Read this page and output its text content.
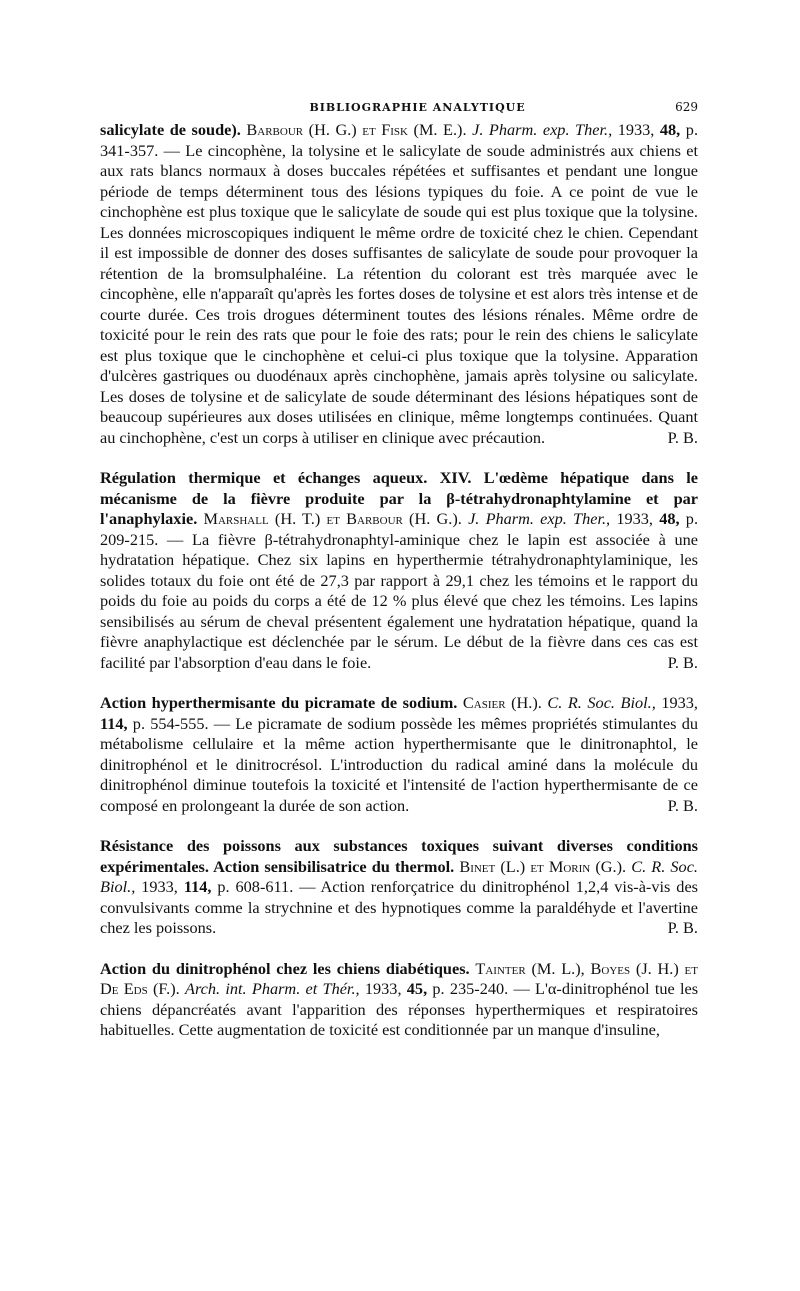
BIBLIOGRAPHIE ANALYTIQUE	629
salicylate de soude). Barbour (H. G.) et Fisk (M. E.). J. Pharm. exp. Ther., 1933, 48, p. 341-357. — Le cincophène, la tolysine et le salicylate de soude administrés aux chiens et aux rats blancs normaux à doses buccales répétées et suffisantes et pendant une longue période de temps déterminent tous des lésions typiques du foie. A ce point de vue le cinchophène est plus toxique que le salicylate de soude qui est plus toxique que la tolysine. Les données microscopiques indiquent le même ordre de toxicité chez le chien. Cependant il est impossible de donner des doses suffisantes de salicylate de soude pour provoquer la rétention de la bromsulphaléine. La rétention du colorant est très marquée avec le cincophène, elle n'apparaît qu'après les fortes doses de tolysine et est alors très intense et de courte durée. Ces trois drogues déterminent toutes des lésions rénales. Même ordre de toxicité pour le rein des rats que pour le foie des rats; pour le rein des chiens le salicylate est plus toxique que le cinchophène et celui-ci plus toxique que la tolysine. Apparation d'ulcères gastriques ou duodénaux après cinchophène, jamais après tolysine ou salicylate. Les doses de tolysine et de salicylate de soude déterminant des lésions hépatiques sont de beaucoup supérieures aux doses utilisées en clinique, même longtemps continuées. Quant au cinchophène, c'est un corps à utiliser en clinique avec précaution.	P. B.
Régulation thermique et échanges aqueux. XIV. L'œdème hépatique dans le mécanisme de la fièvre produite par la β-tétrahydronaphtylamine et par l'anaphylaxie. Marshall (H. T.) et Barbour (H. G.). J. Pharm. exp. Ther., 1933, 48, p. 209-215. — La fièvre β-tétrahydronaphtyl-aminique chez le lapin est associée à une hydratation hépatique. Chez six lapins en hyperthermie tétrahydronaphtylaminique, les solides totaux du foie ont été de 27,3 par rapport à 29,1 chez les témoins et le rapport du poids du foie au poids du corps a été de 12 % plus élevé que chez les témoins. Les lapins sensibilisés au sérum de cheval présentent également une hydratation hépatique, quand la fièvre anaphylactique est déclenchée par le sérum. Le début de la fièvre dans ces cas est facilité par l'absorption d'eau dans le foie.	P. B.
Action hyperthermisante du picramate de sodium. Casier (H.). C. R. Soc. Biol., 1933, 114, p. 554-555. — Le picramate de sodium possède les mêmes propriétés stimulantes du métabolisme cellulaire et la même action hyperthermisante que le dinitronaphtol, le dinitrophénol et le dinitrocrésol. L'introduction du radical aminé dans la molécule du dinitrophénol diminue toutefois la toxicité et l'intensité de l'action hyperthermisante de ce composé en prolongeant la durée de son action.	P. B.
Résistance des poissons aux substances toxiques suivant diverses conditions expérimentales. Action sensibilisatrice du thermol. Binet (L.) et Morin (G.). C. R. Soc. Biol., 1933, 114, p. 608-611. — Action renforçatrice du dinitrophénol 1,2,4 vis-à-vis des convulsivants comme la strychnine et des hypnotiques comme la paraldéhyde et l'avertine chez les poissons.	P. B.
Action du dinitrophénol chez les chiens diabétiques. Tainter (M. L.), Boyes (J. H.) et De Eds (F.). Arch. int. Pharm. et Thér., 1933, 45, p. 235-240. — L'α-dinitrophénol tue les chiens dépancréatés avant l'apparition des réponses hyperthermiques et respiratoires habituelles. Cette augmentation de toxicité est conditionnée par un manque d'insuline,
